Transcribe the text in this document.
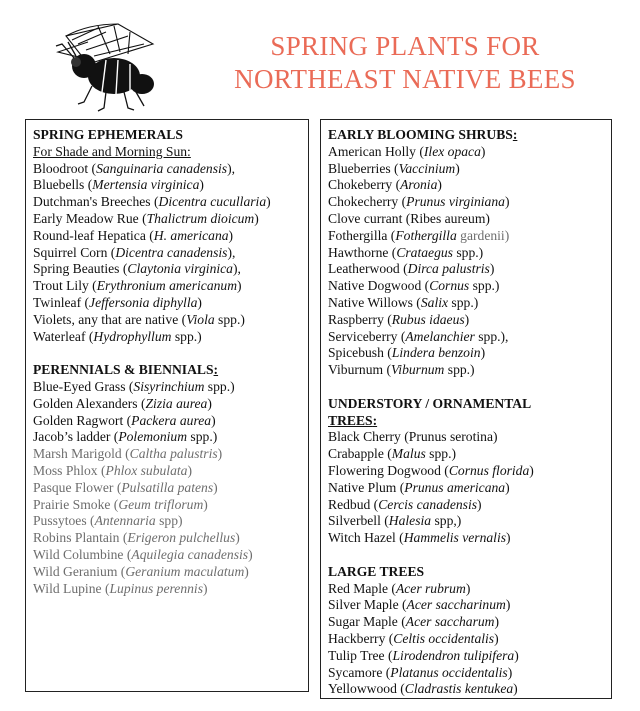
SPRING PLANTS FOR
NORTHEAST NATIVE BEES
SPRING EPHEMERALS
For Shade and Morning Sun:
Bloodroot (Sanguinaria canadensis),
Bluebells (Mertensia virginica)
Dutchman's Breeches (Dicentra cucullaria)
Early Meadow Rue (Thalictrum dioicum)
Round-leaf Hepatica (H. americana)
Squirrel Corn (Dicentra canadensis),
Spring Beauties (Claytonia virginica),
Trout Lily (Erythronium americanum)
Twinleaf (Jeffersonia diphylla)
Violets, any that are native (Viola spp.)
Waterleaf (Hydrophyllum spp.)
PERENNIALS & BIENNIALS:
Blue-Eyed Grass (Sisyrinchium spp.)
Golden Alexanders (Zizia aurea)
Golden Ragwort (Packera aurea)
Jacob’s ladder (Polemonium spp.)
Marsh Marigold (Caltha palustris)
Moss Phlox (Phlox subulata)
Pasque Flower (Pulsatilla patens)
Prairie Smoke (Geum triflorum)
Pussytoes (Antennaria spp)
Robins Plantain (Erigeron pulchellus)
Wild Columbine (Aquilegia canadensis)
Wild Geranium (Geranium maculatum)
Wild Lupine (Lupinus perennis)
EARLY BLOOMING SHRUBS:
American Holly (Ilex opaca)
Blueberries (Vaccinium)
Chokeberry (Aronia)
Chokecherry (Prunus virginiana)
Clove currant (Ribes aureum)
Fothergilla (Fothergilla gardenii)
Hawthorne (Crataegus spp.)
Leatherwood (Dirca palustris)
Native Dogwood (Cornus spp.)
Native Willows (Salix spp.)
Raspberry (Rubus idaeus)
Serviceberry (Amelanchier spp.),
Spicebush (Lindera benzoin)
Viburnum (Viburnum spp.)
UNDERSTORY / ORNAMENTAL
TREES:
Black Cherry (Prunus serotina)
Crabapple (Malus spp.)
Flowering Dogwood (Cornus florida)
Native Plum (Prunus americana)
Redbud (Cercis canadensis)
Silverbell (Halesia spp,)
Witch Hazel (Hammelis vernalis)
LARGE TREES
Red Maple (Acer rubrum)
Silver Maple (Acer saccharinum)
Sugar Maple (Acer saccharum)
Hackberry (Celtis occidentalis)
Tulip Tree (Lirodendron tulipifera)
Sycamore (Platanus occidentalis)
Yellowwood (Cladrastis kentukea)
